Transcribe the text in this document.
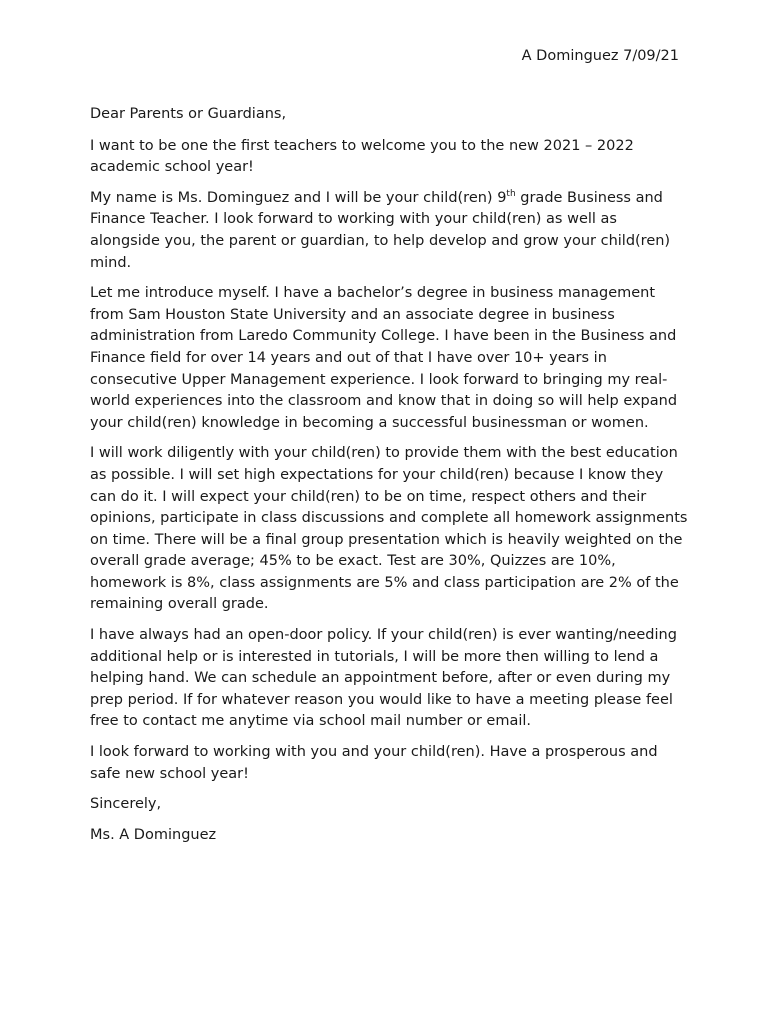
A Dominguez 7/09/21

Dear Parents or Guardians,

I want to be one the first teachers to welcome you to the new 2021 – 2022 academic school year!

My name is Ms. Dominguez and I will be your child(ren) 9th grade Business and Finance Teacher. I look forward to working with your child(ren) as well as alongside you, the parent or guardian, to help develop and grow your child(ren) mind.

Let me introduce myself. I have a bachelor’s degree in business management from Sam Houston State University and an associate degree in business administration from Laredo Community College. I have been in the Business and Finance field for over 14 years and out of that I have over 10+ years in consecutive Upper Management experience. I look forward to bringing my real-world experiences into the classroom and know that in doing so will help expand your child(ren) knowledge in becoming a successful businessman or women.

I will work diligently with your child(ren) to provide them with the best education as possible. I will set high expectations for your child(ren) because I know they can do it. I will expect your child(ren) to be on time, respect others and their opinions, participate in class discussions and complete all homework assignments on time. There will be a final group presentation which is heavily weighted on the overall grade average; 45% to be exact. Test are 30%, Quizzes are 10%, homework is 8%, class assignments are 5% and class participation are 2% of the remaining overall grade.

I have always had an open-door policy. If your child(ren) is ever wanting/needing additional help or is interested in tutorials, I will be more then willing to lend a helping hand. We can schedule an appointment before, after or even during my prep period. If for whatever reason you would like to have a meeting please feel free to contact me anytime via school mail number or email.

I look forward to working with you and your child(ren). Have a prosperous and safe new school year!

Sincerely,

Ms. A Dominguez
